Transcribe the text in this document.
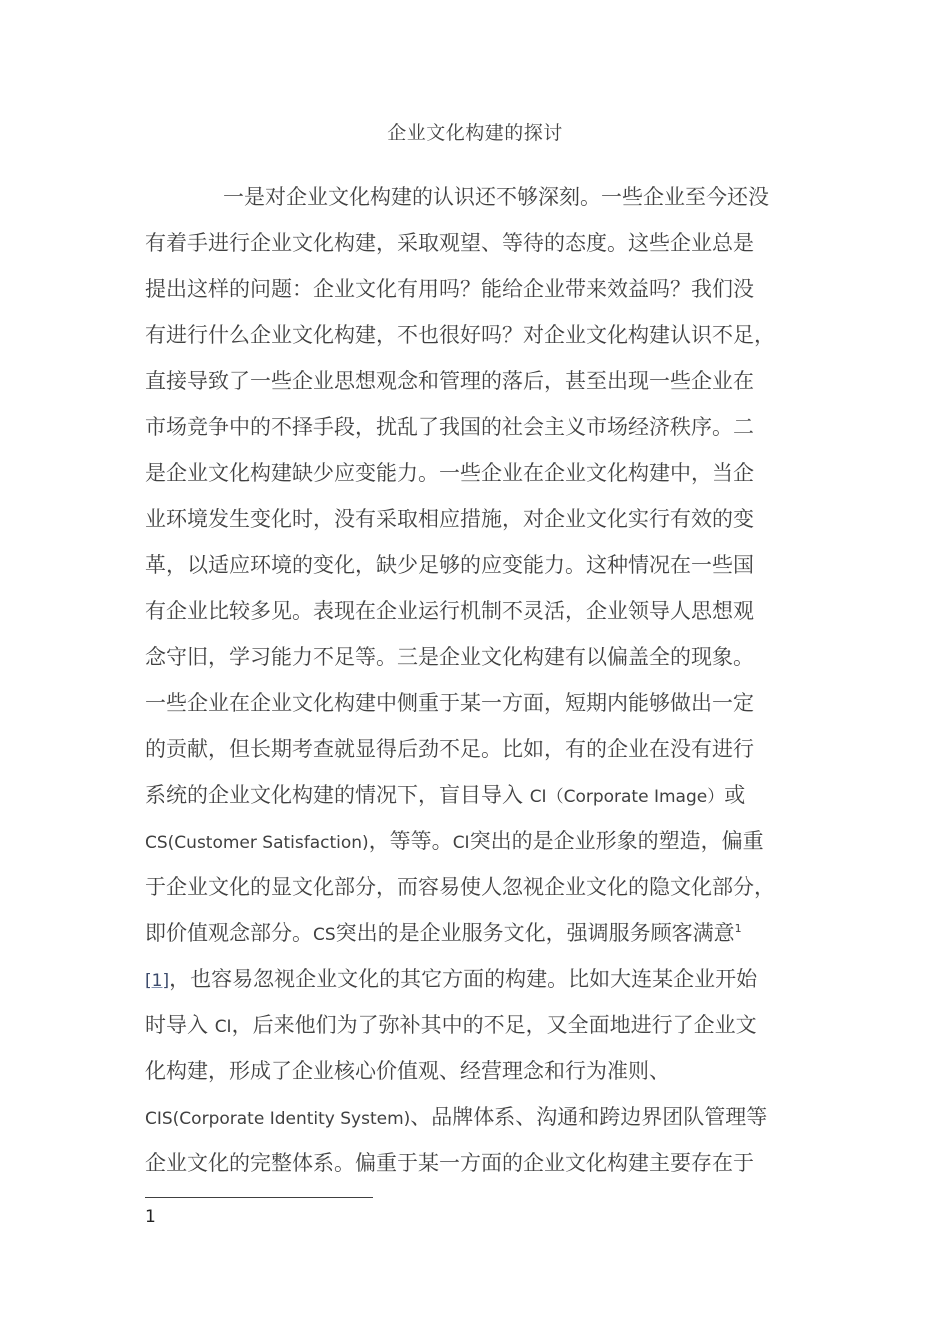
企业文化构建的探讨
一是对企业文化构建的认识还不够深刻。一些企业至今还没
有着手进行企业文化构建，采取观望、等待的态度。这些企业总是
提出这样的问题：企业文化有用吗？能给企业带来效益吗？我们没
有进行什么企业文化构建，不也很好吗？对企业文化构建认识不足，
直接导致了一些企业思想观念和管理的落后，甚至出现一些企业在
市场竞争中的不择手段，扰乱了我国的社会主义市场经济秩序。二
是企业文化构建缺少应变能力。一些企业在企业文化构建中，当企
业环境发生变化时，没有采取相应措施，对企业文化实行有效的变
革，以适应环境的变化，缺少足够的应变能力。这种情况在一些国
有企业比较多见。表现在企业运行机制不灵活，企业领导人思想观
念守旧，学习能力不足等。三是企业文化构建有以偏盖全的现象。
一些企业在企业文化构建中侧重于某一方面，短期内能够做出一定
的贡献，但长期考查就显得后劲不足。比如，有的企业在没有进行
系统的企业文化构建的情况下，盲目导入 CI（Corporate Image）或
CS(Customer Satisfaction)，等等。CI突出的是企业形象的塑造，偏重
于企业文化的显文化部分，而容易使人忽视企业文化的隐文化部分，
即价值观念部分。CS突出的是企业服务文化，强调服务顾客满意$^1$
[1]，也容易忽视企业文化的其它方面的构建。比如大连某企业开始
时导入 CI，后来他们为了弥补其中的不足，又全面地进行了企业文
化构建，形成了企业核心价值观、经营理念和行为准则、
CIS(Corporate Identity System)、品牌体系、沟通和跨边界团队管理等
企业文化的完整体系。偏重于某一方面的企业文化构建主要存在于
1
